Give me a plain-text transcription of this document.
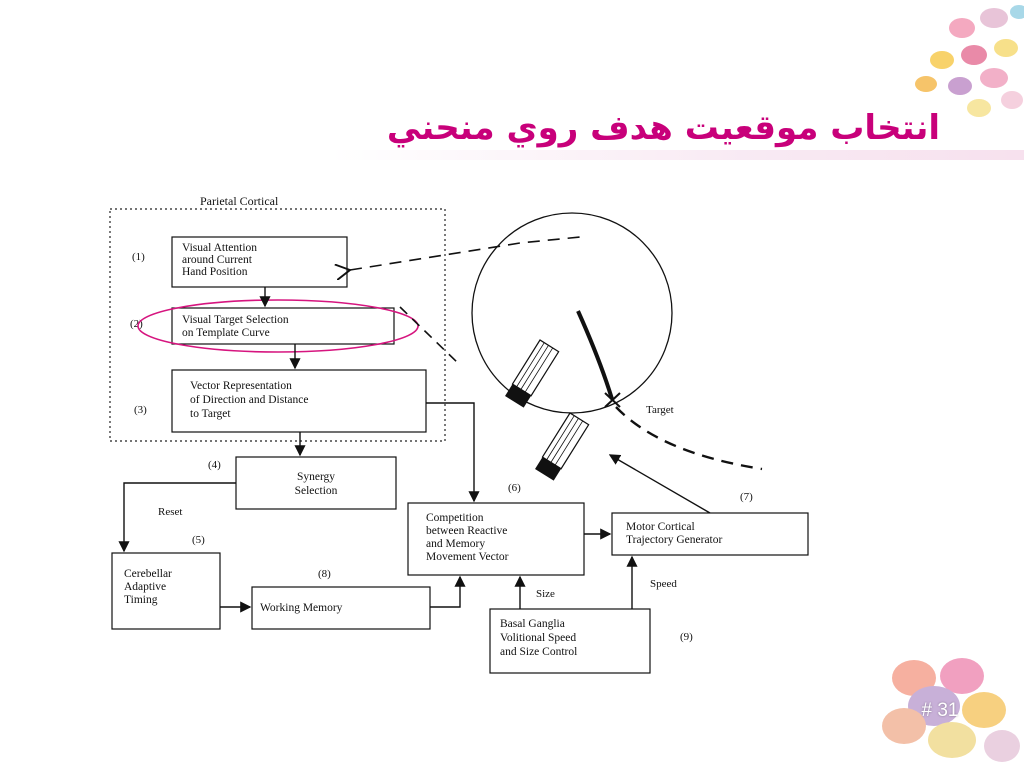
انتخاب موقعیت هدف روي منحني
# 31
Parietal Cortical
(1)
Visual Attention
around Current
Hand Position
(2)	Visual Target Selection
on Template Curve
(3)
Vector Representation
of Direction and Distance
to Target
(4)
Synergy
Selection
(5)
Cerebellar
Adaptive
Timing
(6)
Competition
between Reactive
and Memory
Movement Vector
(7)
Motor Cortical
Trajectory Generator
(8)
Working Memory
(9)
Basal Ganglia
Volitional Speed
and Size Control
Reset
Size
Speed
Target
